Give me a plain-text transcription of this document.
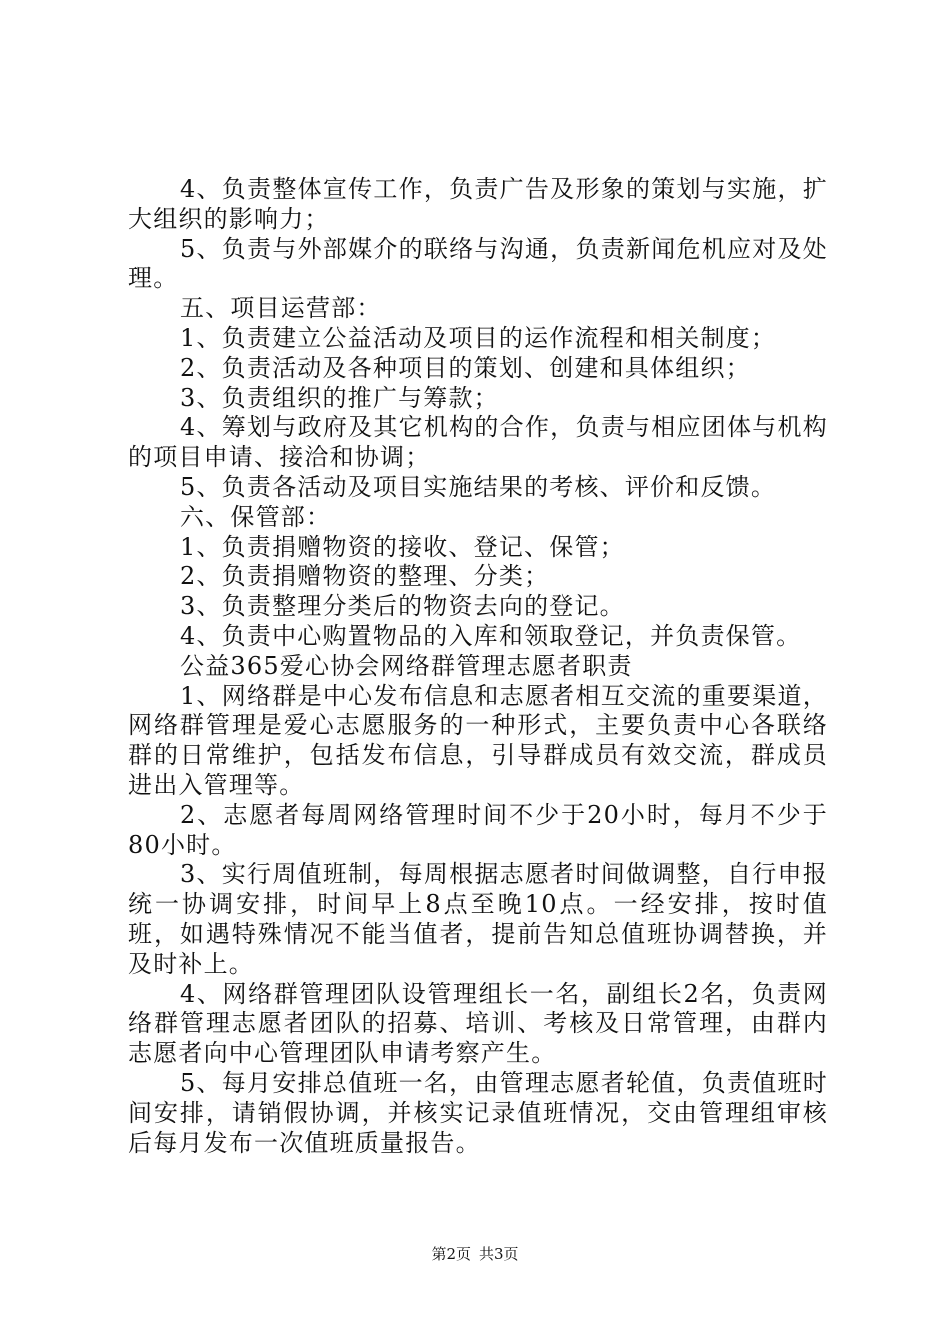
4、负责整体宣传工作，负责广告及形象的策划与实施，扩大组织的影响力；

5、负责与外部媒介的联络与沟通，负责新闻危机应对及处理。

五、项目运营部：

1、负责建立公益活动及项目的运作流程和相关制度；

2、负责活动及各种项目的策划、创建和具体组织；

3、负责组织的推广与筹款；

4、筹划与政府及其它机构的合作，负责与相应团体与机构的项目申请、接洽和协调；

5、负责各活动及项目实施结果的考核、评价和反馈。

六、保管部：

1、负责捐赠物资的接收、登记、保管；

2、负责捐赠物资的整理、分类；

3、负责整理分类后的物资去向的登记。

4、负责中心购置物品的入库和领取登记，并负责保管。

公益365爱心协会网络群管理志愿者职责

1、网络群是中心发布信息和志愿者相互交流的重要渠道，网络群管理是爱心志愿服务的一种形式，主要负责中心各联络群的日常维护，包括发布信息，引导群成员有效交流，群成员进出入管理等。

2、志愿者每周网络管理时间不少于20小时，每月不少于80小时。

3、实行周值班制，每周根据志愿者时间做调整，自行申报统一协调安排，时间早上8点至晚10点。一经安排，按时值班，如遇特殊情况不能当值者，提前告知总值班协调替换，并及时补上。

4、网络群管理团队设管理组长一名，副组长2名，负责网络群管理志愿者团队的招募、培训、考核及日常管理，由群内志愿者向中心管理团队申请考察产生。

5、每月安排总值班一名，由管理志愿者轮值，负责值班时间安排，请销假协调，并核实记录值班情况，交由管理组审核后每月发布一次值班质量报告。

第2页 共3页
